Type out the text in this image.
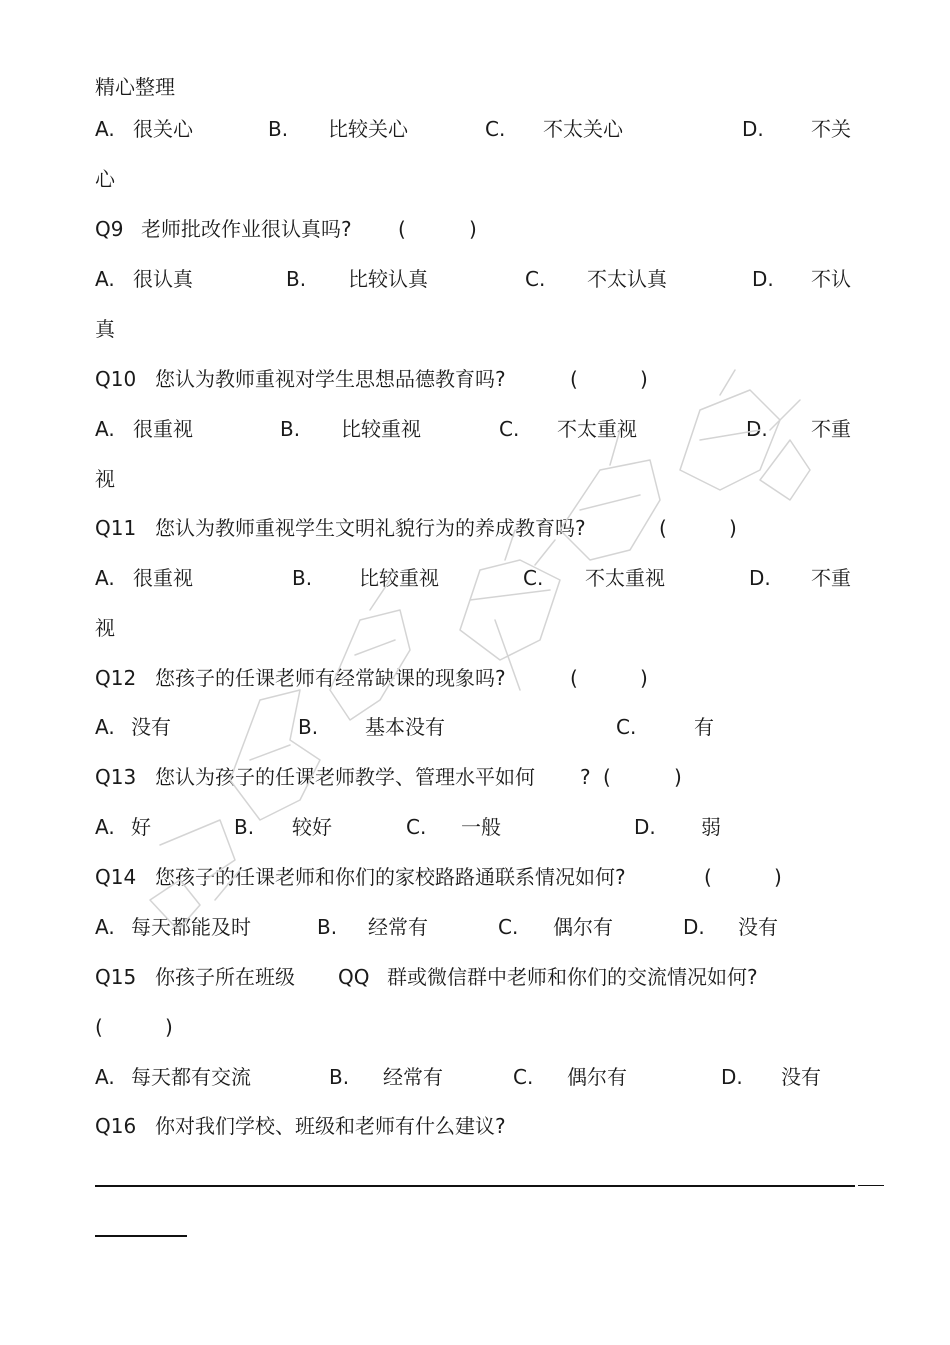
精心整理
A. 很关心	B. 比较关心	C. 不太关心	D. 不关
心
Q9 老师批改作业很认真吗? (	)
A. 很认真	B. 比较认真	C. 不太认真	D. 不认
真
Q10 您认为教师重视对学生思想品德教育吗?	(	)
A. 很重视	B. 比较重视	C. 不太重视	D. 不重
视
Q11 您认为教师重视学生文明礼貌行为的养成教育吗?	(	)
A. 很重视	B. 比较重视	C. 不太重视	D. 不重
视
Q12 您孩子的任课老师有经常缺课的现象吗?	(	)
A. 没有	B. 基本没有	C.	有
Q13 您认为孩子的任课老师教学、管理水平如何 ? (	)
A. 好	B. 较好	C. 一般	D. 弱
Q14 您孩子的任课老师和你们的家校路路通联系情况如何?	(	)
A. 每天都能及时	B. 经常有	C. 偶尔有	D. 没有
Q15 你孩子所在班级 QQ 群或微信群中老师和你们的交流情况如何?
(	)
A. 每天都有交流	B. 经常有	C. 偶尔有	D. 没有
Q16 你对我们学校、班级和老师有什么建议?
